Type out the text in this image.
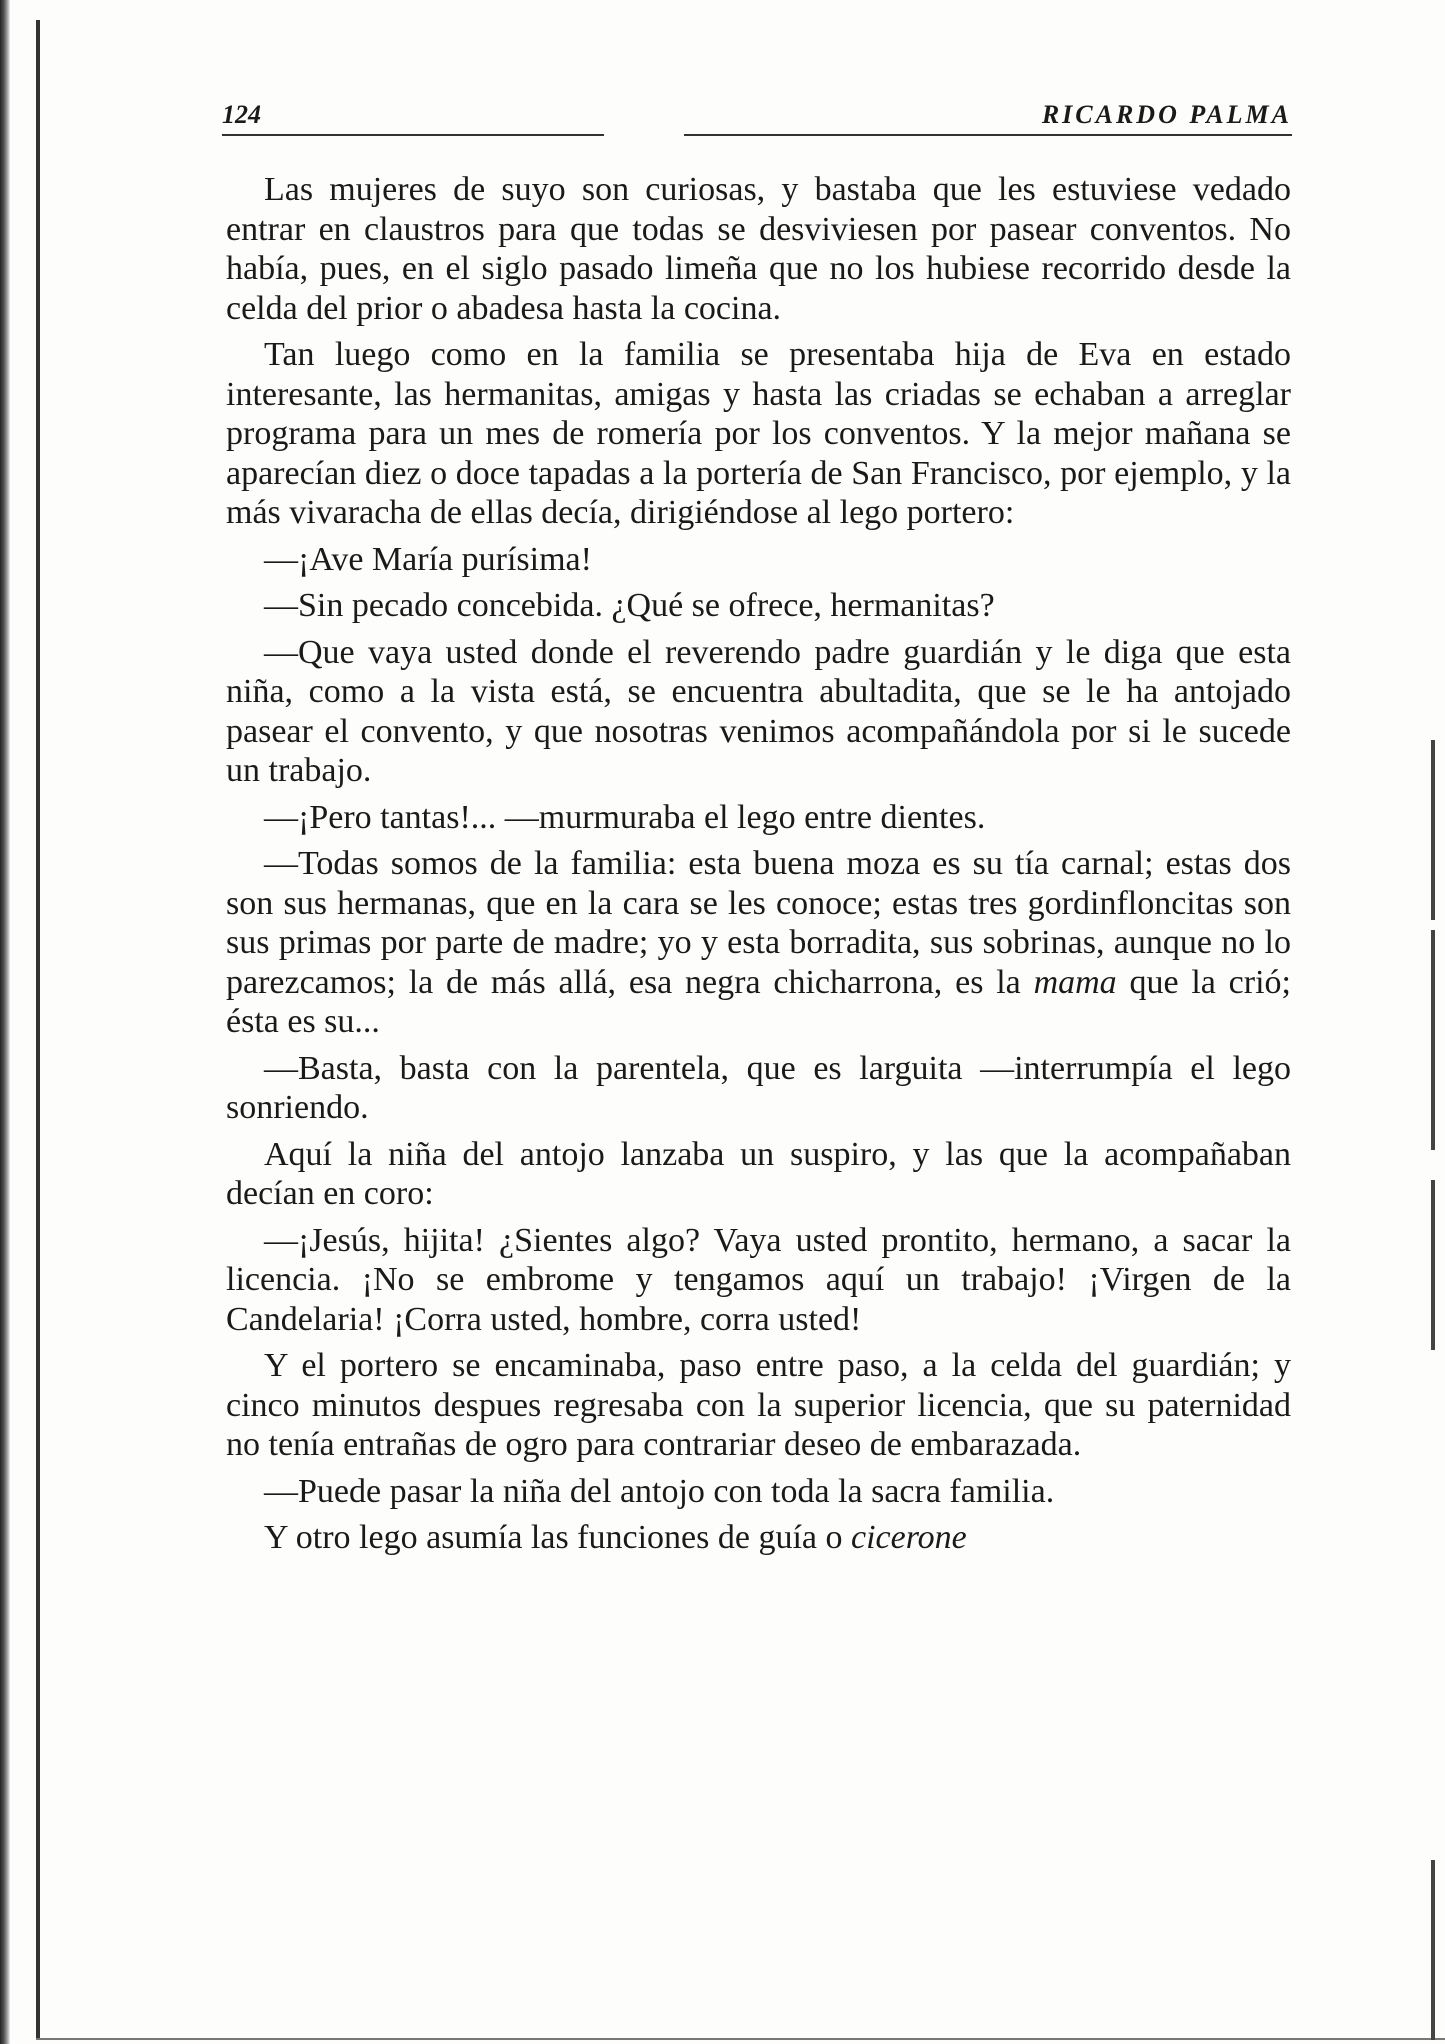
124	RICARDO PALMA

Las mujeres de suyo son curiosas, y bastaba que les estuviese vedado entrar en claustros para que todas se desviviesen por pasear conventos. No había, pues, en el siglo pasado limeña que no los hubiese recorrido desde la celda del prior o abadesa hasta la cocina.

Tan luego como en la familia se presentaba hija de Eva en estado interesante, las hermanitas, amigas y hasta las criadas se echaban a arreglar programa para un mes de romería por los conventos. Y la mejor mañana se aparecían diez o doce tapadas a la portería de San Francisco, por ejemplo, y la más vivaracha de ellas decía, dirigiéndose al lego portero:

—¡Ave María purísima!

—Sin pecado concebida. ¿Qué se ofrece, hermanitas?

—Que vaya usted donde el reverendo padre guardián y le diga que esta niña, como a la vista está, se encuentra abultadita, que se le ha antojado pasear el convento, y que nosotras venimos acompañándola por si le sucede un trabajo.

—¡Pero tantas!... —murmuraba el lego entre dientes.

—Todas somos de la familia: esta buena moza es su tía carnal; estas dos son sus hermanas, que en la cara se les conoce; estas tres gordinfloncitas son sus primas por parte de madre; yo y esta borradita, sus sobrinas, aunque no lo parezcamos; la de más allá, esa negra chicharrona, es la mama que la crió; ésta es su...

—Basta, basta con la parentela, que es larguita —interrumpía el lego sonriendo.

Aquí la niña del antojo lanzaba un suspiro, y las que la acompañaban decían en coro:

—¡Jesús, hijita! ¿Sientes algo? Vaya usted prontito, hermano, a sacar la licencia. ¡No se embrome y tengamos aquí un trabajo! ¡Virgen de la Candelaria! ¡Corra usted, hombre, corra usted!

Y el portero se encaminaba, paso entre paso, a la celda del guardián; y cinco minutos despues regresaba con la superior licencia, que su paternidad no tenía entrañas de ogro para contrariar deseo de embarazada.

—Puede pasar la niña del antojo con toda la sacra familia.

Y otro lego asumía las funciones de guía o cicerone
